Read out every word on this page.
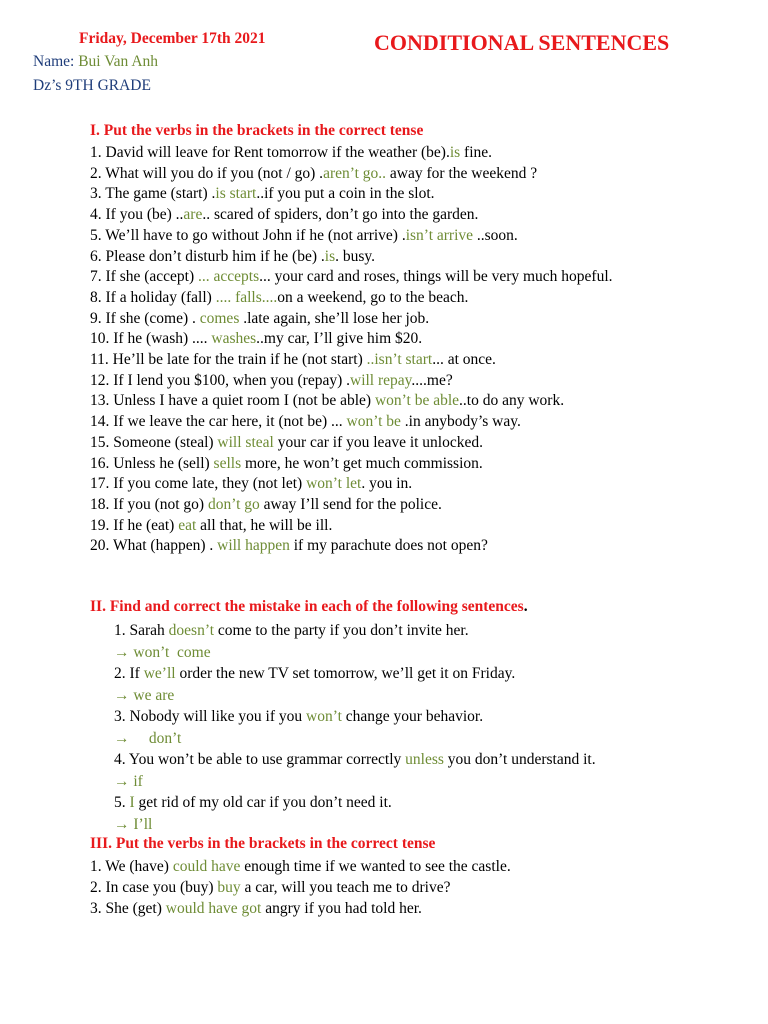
Friday, December 17th 2021	CONDITIONAL SENTENCES
Name: Bui Van Anh
Dz’s 9TH GRADE
I. Put the verbs in the brackets in the correct tense
1. David will leave for Rent tomorrow if the weather (be).is fine.
2. What will you do if you (not / go) .aren’t go.. away for the weekend ?
3. The game (start) .is start..if you put a coin in the slot.
4. If you (be) ..are.. scared of spiders, don’t go into the garden.
5. We’ll have to go without John if he (not arrive) .isn’t arrive ..soon.
6. Please don’t disturb him if he (be) .is. busy.
7. If she (accept) ... accepts... your card and roses, things will be very much hopeful.
8. If a holiday (fall) .... falls....on a weekend, go to the beach.
9. If she (come) . comes .late again, she’ll lose her job.
10. If he (wash) .... washes..my car, I’ll give him $20.
11. He’ll be late for the train if he (not start) ..isn’t start... at once.
12. If I lend you $100, when you (repay) .will repay....me?
13. Unless I have a quiet room I (not be able) won’t be able..to do any work.
14. If we leave the car here, it (not be) ... won’t be .in anybody’s way.
15. Someone (steal) will steal your car if you leave it unlocked.
16. Unless he (sell) sells more, he won’t get much commission.
17. If you come late, they (not let) won’t let. you in.
18. If you (not go) don’t go away I’ll send for the police.
19. If he (eat) eat all that, he will be ill.
20. What (happen) . will happen if my parachute does not open?
II. Find and correct the mistake in each of the following sentences.
1. Sarah doesn’t come to the party if you don’t invite her.
→ won’t  come
2. If we’ll order the new TV set tomorrow, we’ll get it on Friday.
→ we are
3. Nobody will like you if you won’t change your behavior.
→     don’t
4. You won’t be able to use grammar correctly unless you don’t understand it.
→ if
5. I get rid of my old car if you don’t need it.
→ I’ll
III. Put the verbs in the brackets in the correct tense
1. We (have) could have enough time if we wanted to see the castle.
2. In case you (buy) buy a car, will you teach me to drive?
3. She (get) would have got angry if you had told her.
